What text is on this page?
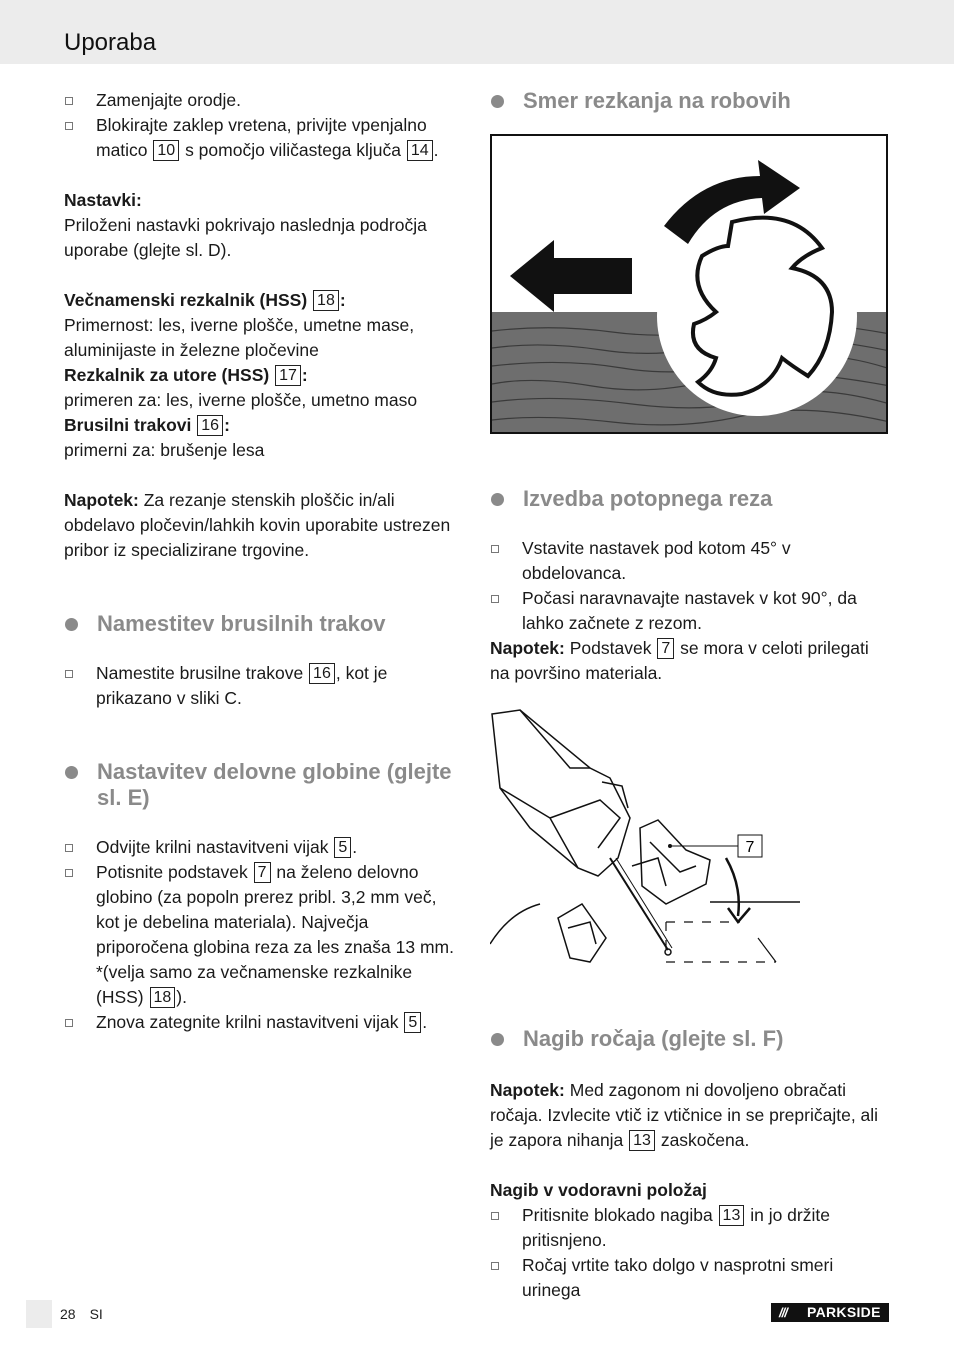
Uporaba
Zamenjajte orodje.
Blokirajte zaklep vretena, privijte vpenjalno matico 10 s pomočjo viličastega ključa 14 .
Nastavki:
Priloženi nastavki pokrivajo naslednja področja uporabe (glejte sl. D).
Večnamenski rezkalnik (HSS) 18 :
Primernost: les, iverne plošče, umetne mase, aluminijaste in železne pločevine
Rezkalnik za utore (HSS) 17 :
primeren za: les, iverne plošče, umetno maso
Brusilni trakovi 16 :
primerni za: brušenje lesa
Napotek: Za rezanje stenskih ploščic in/ali obdelavo pločevin/lahkih kovin uporabite ustrezen pribor iz specializirane trgovine.
Namestitev brusilnih trakov
Namestite brusilne trakove 16 , kot je prikazano v sliki C.
Nastavitev delovne globine (glejte sl. E)
Odvijte krilni nastavitveni vijak 5 .
Potisnite podstavek 7 na želeno delovno globino (za popoln prerez pribl. 3,2 mm več, kot je debelina materiala). Največja priporočena globina reza za les znaša 13 mm. *(velja samo za večnamenske rezkalnike (HSS) 18 ).
Znova zategnite krilni nastavitveni vijak 5 .
Smer rezkanja na robovih
Izvedba potopnega reza
Vstavite nastavek pod kotom 45° v obdelovanca.
Počasi naravnavajte nastavek v kot 90°, da lahko začnete z rezom.
Napotek: Podstavek 7 se mora v celoti prilegati na površino materiala.
7
Nagib ročaja (glejte sl. F)
Napotek: Med zagonom ni dovoljeno obračati ročaja. Izvlecite vtič iz vtičnice in se prepričajte, ali je zapora nihanja 13 zaskočena.
Nagib v vodoravni položaj
Pritisnite blokado nagiba 13 in jo držite pritisnjeno.
Ročaj vrtite tako dolgo v nasprotni smeri urinega
28 SI	/// PARKSIDE
